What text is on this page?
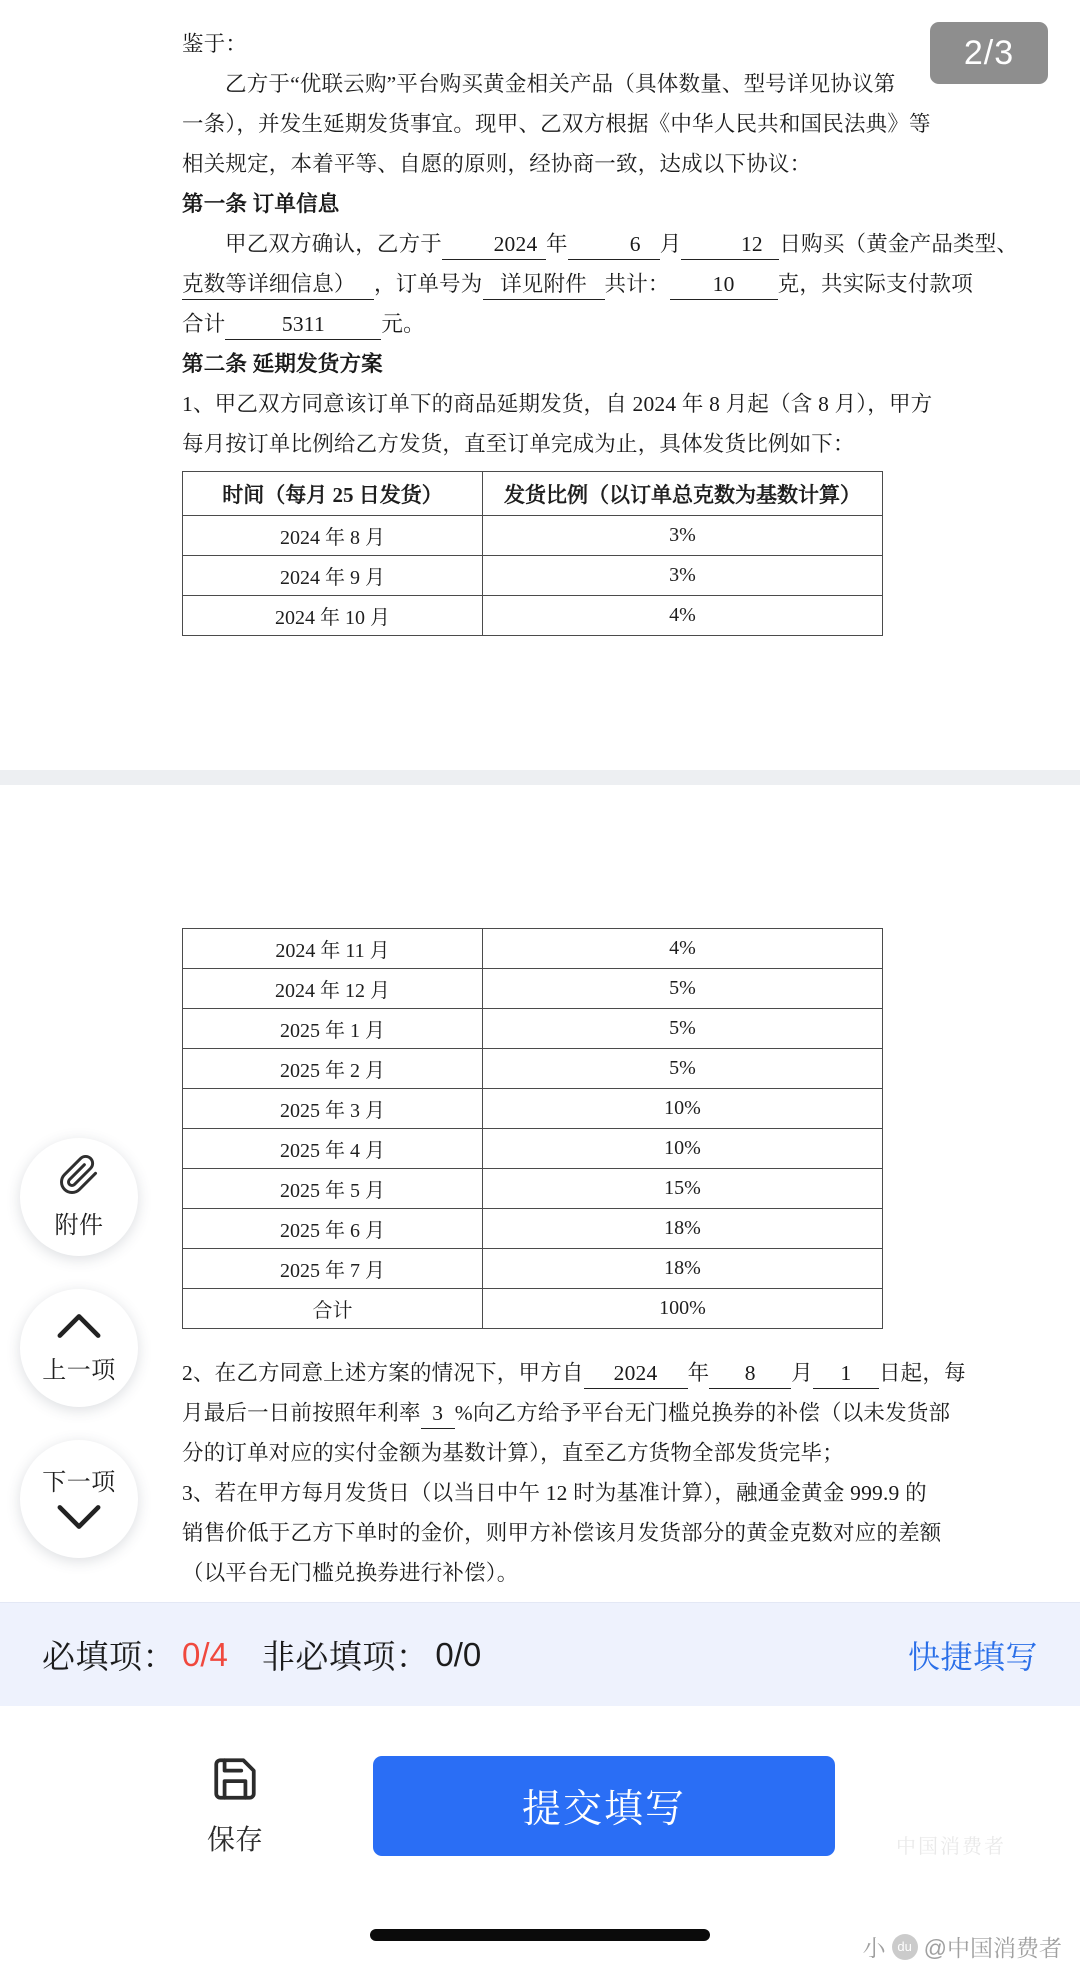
鉴于：
乙方于“优联云购”平台购买黄金相关产品（具体数量、型号详见协议第
一条），并发生延期发货事宜。现甲、乙双方根据《中华人民共和国民法典》等
相关规定，本着平等、自愿的原则，经协商一致，达成以下协议：
第一条 订单信息
甲乙双方确认，乙方于 2024 年	6 月	12 日购买（黄金产品类型、
克数等详细信息） ，订单号为 详见附件 共计： 10 克，共实际支付款项
合计	5311	元。
第二条 延期发货方案
1、甲乙双方同意该订单下的商品延期发货，自 2024 年 8 月起（含 8 月），甲方
每月按订单比例给乙方发货，直至订单完成为止，具体发货比例如下：
时间（每月 25 日发货）	发货比例（以订单总克数为基数计算）
2024 年 8 月	3%
2024 年 9 月	3%
2024 年 10 月	4%
2024 年 11 月	4%
2024 年 12 月	5%
2025 年 1 月	5%
2025 年 2 月	5%
2025 年 3 月	10%
2025 年 4 月	10%
2025 年 5 月	15%
2025 年 6 月	18%
2025 年 7 月	18%
合计	100%
2、在乙方同意上述方案的情况下，甲方自 2024 年 8 月 1 日起，每
月最后一日前按照年利率 3 %向乙方给予平台无门槛兑换券的补偿（以未发货部
分的订单对应的实付金额为基数计算），直至乙方货物全部发货完毕；
3、若在甲方每月发货日（以当日中午 12 时为基准计算），融通金黄金 999.9 的
销售价低于乙方下单时的金价，则甲方补偿该月发货部分的黄金克数对应的差额
（以平台无门槛兑换券进行补偿）。
2/3
附件
上一项
下一项
必填项： 0/4 非必填项： 0/0	快捷填写
保存
提交填写
中国消费者
小 du @中国消费者
